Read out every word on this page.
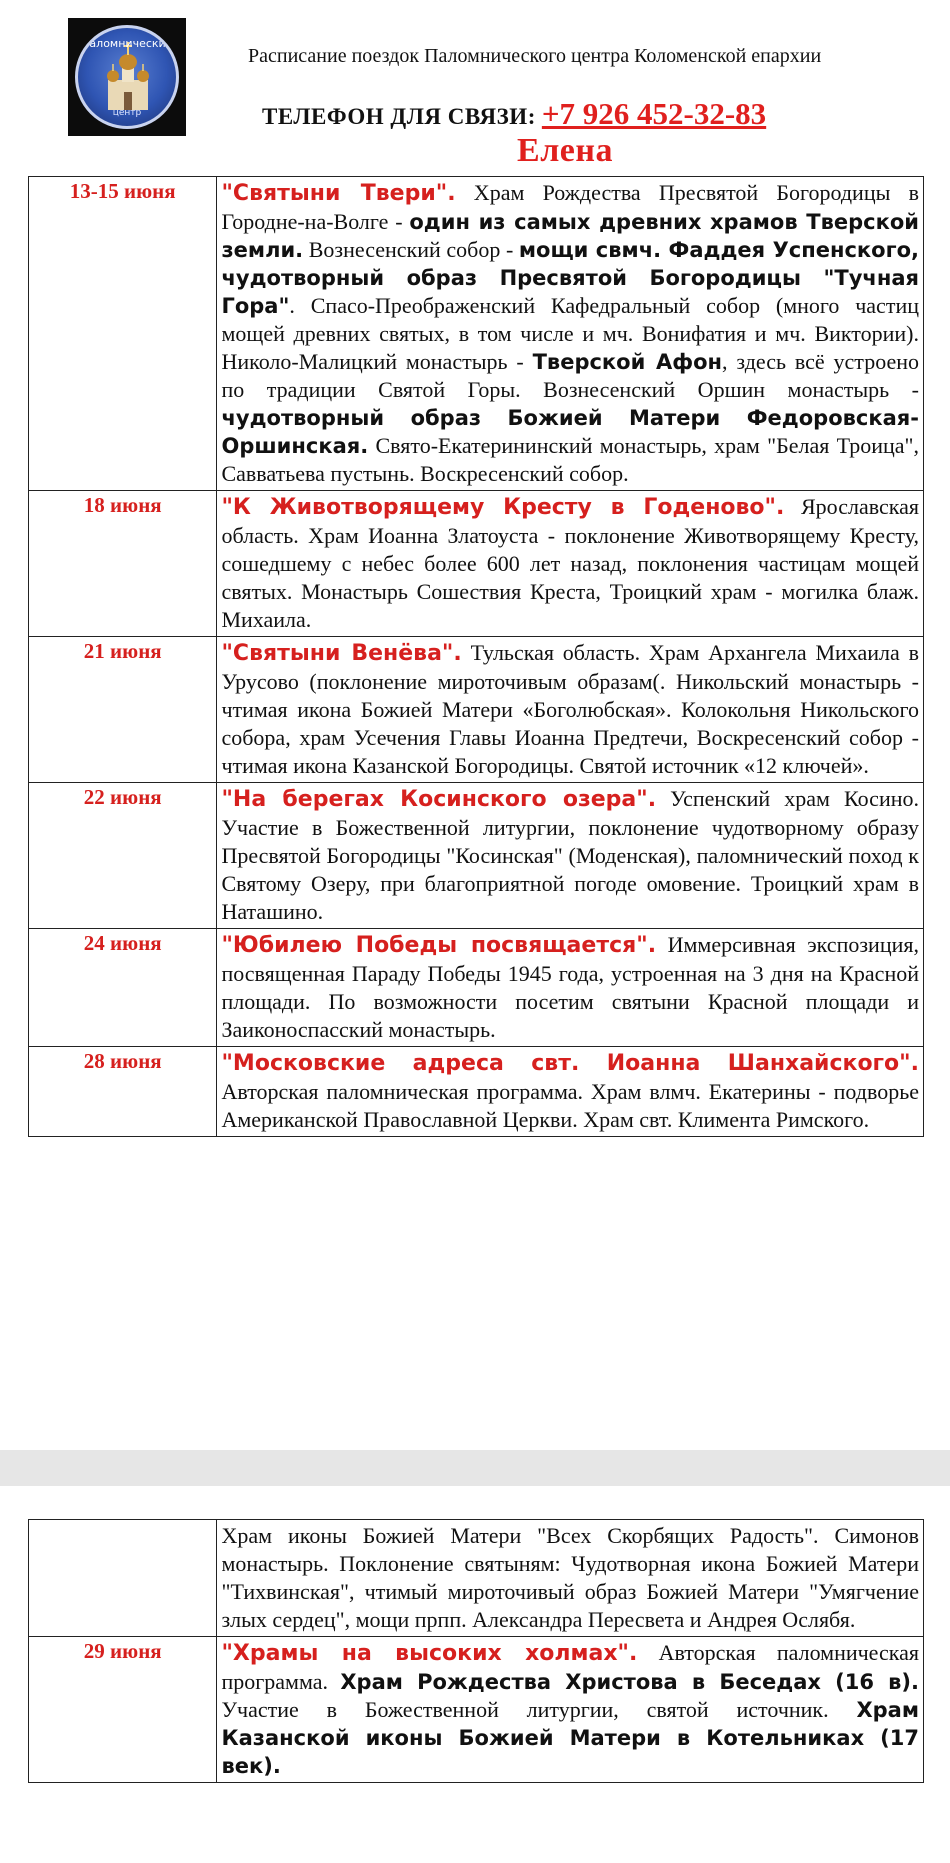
Паломнический
центр
Расписание поездок Паломнического центра Коломенской епархии
ТЕЛЕФОН ДЛЯ СВЯЗИ: +7 926 452-32-83
Елена
13-15 июня	"Святыни Твери". Храм Рождества Пресвятой Богородицы в Городне-на-Волге - один из самых древних храмов Тверской земли. Вознесенский собор - мощи свмч. Фаддея Успенского, чудотворный образ Пресвятой Богородицы "Тучная Гора". Спасо-Преображенский Кафедральный собор (много частиц мощей древних святых, в том числе и мч. Вонифатия и мч. Виктории). Николо-Малицкий монастырь - Тверской Афон, здесь всё устроено по традиции Святой Горы. Вознесенский Оршин монастырь - чудотворный образ Божией Матери Федоровская-Оршинская. Свято-Екатерининский монастырь, храм "Белая Троица", Савватьева пустынь. Воскресенский собор.
18 июня	"К Животворящему Кресту в Годеново". Ярославская область. Храм Иоанна Златоуста - поклонение Животворящему Кресту, сошедшему с небес более 600 лет назад, поклонения частицам мощей святых. Монастырь Сошествия Креста, Троицкий храм - могилка блаж. Михаила.
21 июня	"Святыни Венёва". Тульская область. Храм Архангела Михаила в Урусово (поклонение мироточивым образам(. Никольский монастырь - чтимая икона Божией Матери «Боголюбская». Колокольня Никольского собора, храм Усечения Главы Иоанна Предтечи, Воскресенский собор - чтимая икона Казанской Богородицы. Святой источник «12 ключей».
22 июня	"На берегах Косинского озера". Успенский храм Косино. Участие в Божественной литургии, поклонение чудотворному образу Пресвятой Богородицы "Косинская" (Моденская), паломнический поход к Святому Озеру, при благоприятной погоде омовение. Троицкий храм в Наташино.
24 июня	"Юбилею Победы посвящается". Иммерсивная экспозиция, посвященная Параду Победы 1945 года, устроенная на 3 дня на Красной площади. По возможности посетим святыни Красной площади и Заиконоспасский монастырь.
28 июня	"Московские адреса свт. Иоанна Шанхайского". Авторская паломническая программа. Храм влмч. Екатерины - подворье Американской Православной Церкви. Храм свт. Климента Римского.
	Храм иконы Божией Матери "Всех Скорбящих Радость". Симонов монастырь. Поклонение святыням: Чудотворная икона Божией Матери "Тихвинская", чтимый мироточивый образ Божией Матери "Умягчение злых сердец", мощи прпп. Александра Пересвета и Андрея Ослябя.
29 июня	"Храмы на высоких холмах". Авторская паломническая программа. Храм Рождества Христова в Беседах (16 в). Участие в Божественной литургии, святой источник. Храм Казанской иконы Божией Матери в Котельниках (17 век).
